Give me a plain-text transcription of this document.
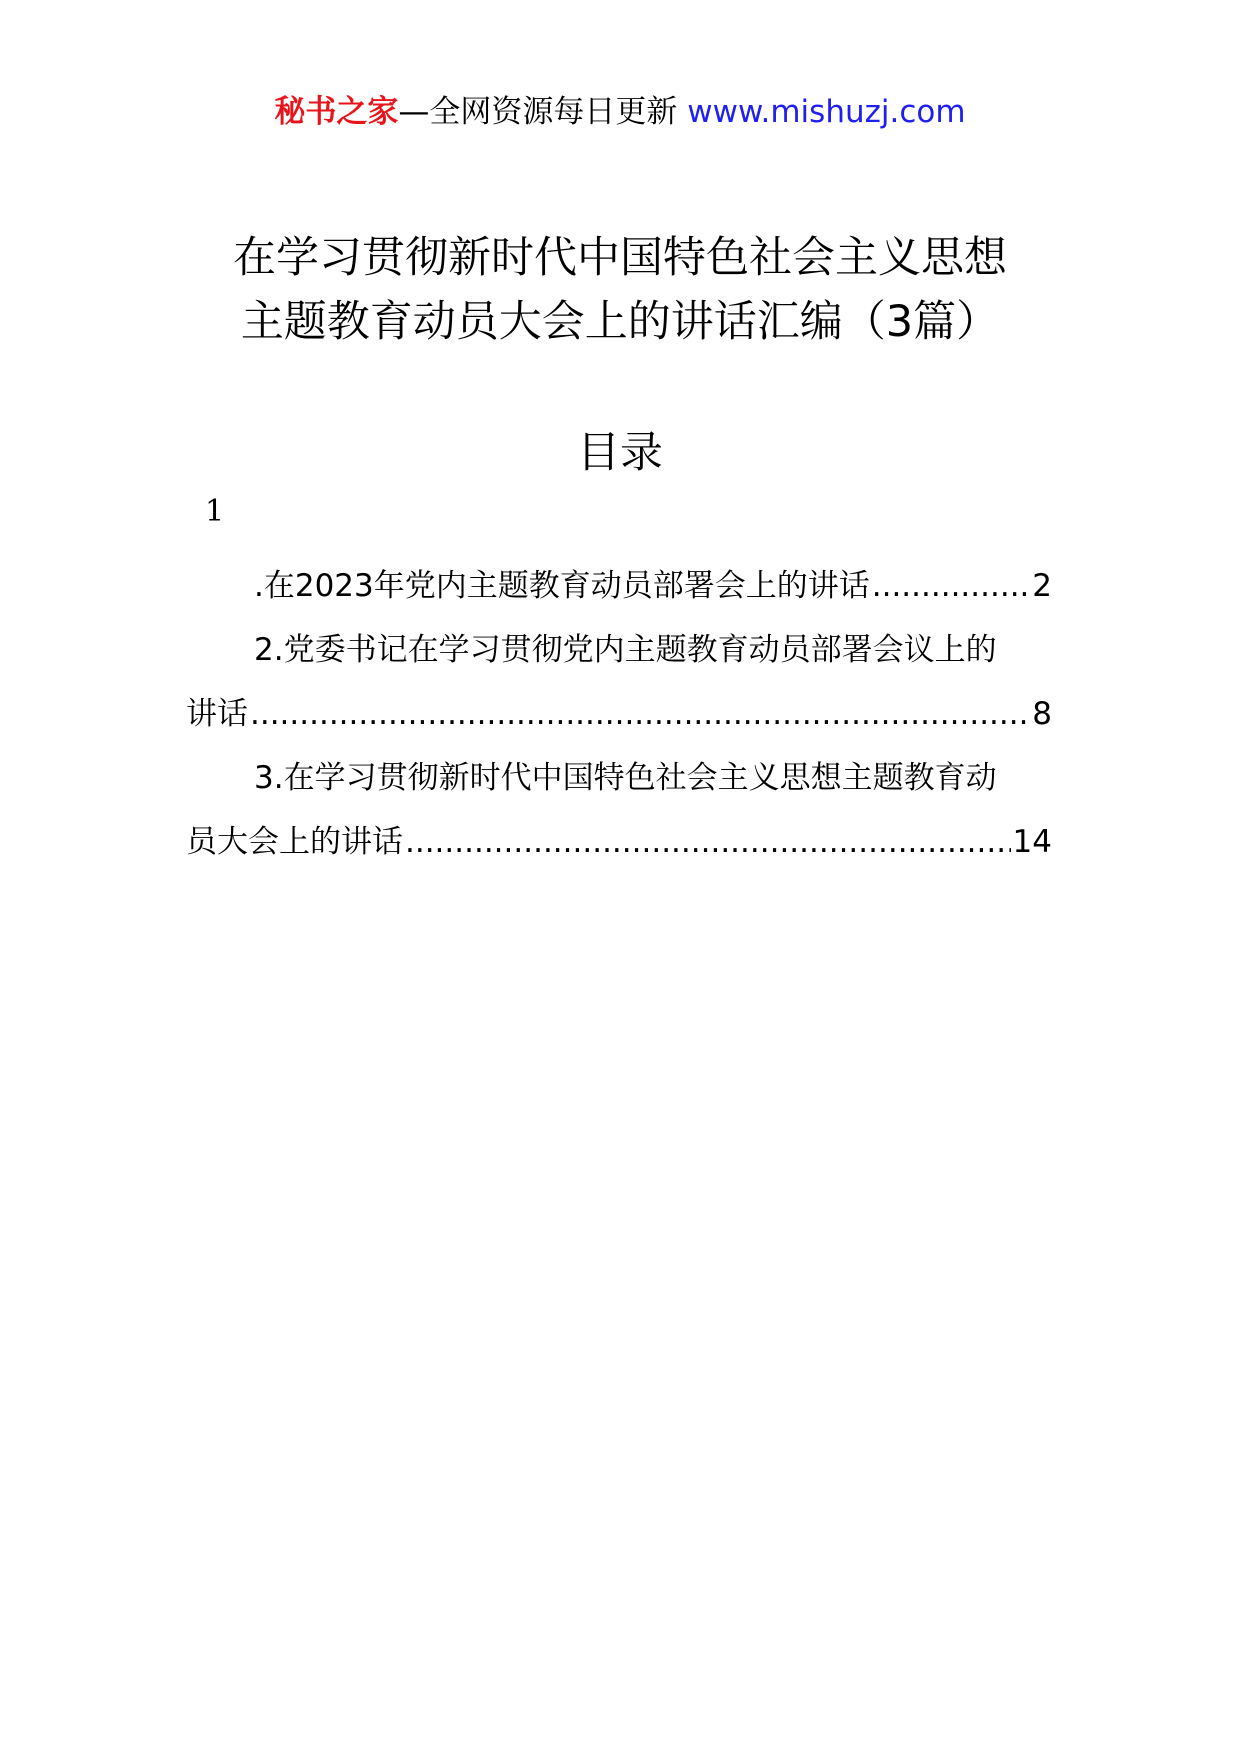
秘书之家—全网资源每日更新 www.mishuzj.com
在学习贯彻新时代中国特色社会主义思想
主题教育动员大会上的讲话汇编（3篇）
目录
1
.在2023年党内主题教育动员部署会上的讲话 .....	2
2.党委书记在学习贯彻党内主题教育动员部署会议上的
讲话 .....	8
3.在学习贯彻新时代中国特色社会主义思想主题教育动
员大会上的讲话 .....	14
